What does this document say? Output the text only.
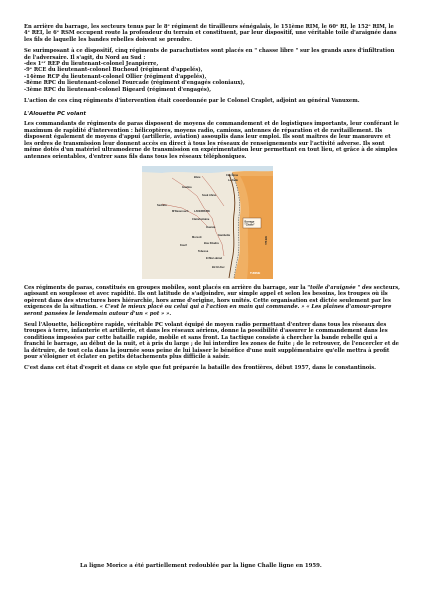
En arrière du barrage, les secteurs tenus par le 8ᵉ régiment de tirailleurs sénégalais, le 151ème RIM, le 60ᵉ RI, le 152ᵉ RIM, le 4ᵉ REI, le 6ᵉ RSM occupent route la profondeur du terrain et constituent, par leur dispositif, une véritable toile d'araignée dans les fils de laquelle les bandes rebelles doivent se prendre.

Se surimposant à ce dispositif, cinq régiments de parachutistes sont placés en " chasse libre " sur les grands axes d'infiltration de l'adversaire. Il s'agit, du Nord au Sud :

-des 1ᵉʳ REP du lieutenant-colonel Jeanpierre,
-9ᵉ RCE du lieutenant-colonel Buchoud (régiment d'appelés),
-14ème RCP du lieutenant-colonel Ollier (régiment d'appelés),
-8ème RPC du lieutenant-colonel Fourcade (régiment d'engagés coloniaux),
-3ème RPC du lieutenant-colonel Bigeard (régiment d'engagés),

L'action de ces cinq régiments d'intervention était coordonnée par le Colonel Craplet, adjoint au général Vanuxem.

L'Alouette PC volant

Les commandants de régiments de paras disposent de moyens de commandement et de logistiques importants, leur conférant le maximum de rapidité d'intervention : hélicoptères, moyens radio, camions, antennes de réparation et de ravitaillement. Ils disposent également de moyens d'appui (artillerie, aviation) assouplis dans leur emploi. Ils sont maîtres de leur manœuvre et les ordres de transmission leur donnent accès en direct à tous les réseaux de renseignements sur l'activité adverse. Ils sont même dotés d'un matériel ultramoderne de transmission en expérimentation leur permettant en tout lieu, et grâce à de simples antennes orientables, d'entrer sans fils dans tous les réseaux téléphoniques.

Cap Rosa
La Calle
Bône
Guelma
Souk Ahras
Sedrata
M'Daourouch LAVERDURE
Clairefontaine
Ouenza
Morsott
Bou Khadra
Tebessa
El Ma Labiod
Bir El Ater
Kouif
Gambetta
Barrage "Challe"
TUNISIE
300 km

Ces régiments de paras, constitués en groupes mobiles, sont placés en arrière du barrage, sur la "toile d'araignée " des secteurs, agissant en souplesse et avec rapidité. Ils ont latitude de s'adjoindre, sur simple appel et selon les besoins, les troupes où ils opèrent dans des structures hors hiérarchie, hors arme d'origine, hors unités. Cette organisation est dictée seulement par les exigences de la situation. « C'est le mieux placé ou celui qui a l'action en main qui commande. » « Les plaines d'amour-propre seront pansées le lendemain autour d'un « pot » ».

Seul l'Alouette, hélicoptère rapide, véritable PC volant équipé de moyen radio permettant d'entrer dans tous les réseaux des troupes à terre, infanterie et artillerie, et dans les réseaux aériens, donne la possibilité d'assurer le commandement dans les conditions imposées par cette bataille rapide, mobile et sans front. La tactique consiste à chercher la bande rebelle qui a franchi le barrage, au début de la nuit, et à pris du large ; de lui interdire les zones de fuite ; de le retrouver, de l'encercler et de la détruire, de tout cela dans la journée sous peine de lui laisser le bénéfice d'une nuit supplémentaire qu'elle mettra à profit pour s'éloigner et éclater en petits détachements plus difficile à saisir.

C'est dans cet état d'esprit et dans ce style que fut préparée la bataille des frontières, début 1957, dans le constantinois.

La ligne Morice a été partiellement redoublée par la ligne Challe ligne en 1959.
